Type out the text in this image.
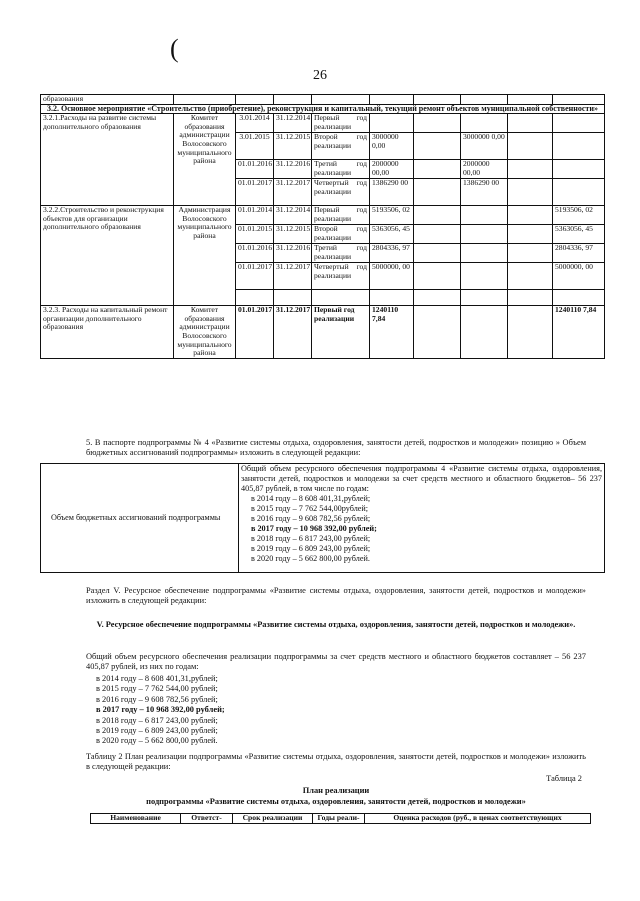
(
26
образования									
3.2. Основное мероприятие «Строительство (приобретение), реконструкция и капитальный, текущий ремонт объектов муниципальной собственности»									
3.2.1.Расходы на развитие системы дополнительного образования	Комитет образования администрации Волосовского муниципального района	3.01.2014	31.12.2014	Первый год реализации					
		3.01.2015	31.12.2015	Второй год реализации	3000000 0,00		3000000 0,00		
		01.01.2016	31.12.2016	Третий год реализации	2000000 00,00		2000000 00,00		
		01.01.2017	31.12.2017	Четвертый год реализации	1386290 00		1386290 00		
3.2.2.Строительство и реконструкция объектов для организации дополнительного образования	Администрация Волосовского муниципального района	01.01.2014	31.12.2014	Первый год реализации	5193506, 02				5193506, 02
		01.01.2015	31.12.2015	Второй год реализации	5363056, 45				5363056, 45
		01.01.2016	31.12.2016	Третий год реализации	2804336, 97				2804336, 97
		01.01.2017	31.12.2017	Четвертый год реализации	5000000, 00				5000000, 00

3.2.3. Расходы на капитальный ремонт организации дополнительного образования	Комитет образования администрации Волосовского муниципального района	01.01.2017	31.12.2017	Первый год реализации	1240110 7,84				1240110 7,84
5. В паспорте подпрограммы № 4 «Развитие системы отдыха, оздоровления, занятости детей, подростков и молодежи» позицию » Объем бюджетных ассигнований подпрограммы» изложить в следующей редакции:
Объем бюджетных ассигнований подпрограммы	
Общий объем ресурсного обеспечения подпрограммы 4 «Развитие системы отдыха, оздоровления, занятости детей, подростков и молодежи за счет средств местного и областного бюджетов– 56 237 405,87 рублей, в том числе по годам:
в 2014 году – 8 608 401,31,рублей;
в 2015 году – 7 762 544,00рублей;
в 2016 году – 9 608 782,56 рублей;
в 2017 году – 10 968 392,00 рублей;
в 2018 году – 6 817 243,00 рублей;
в 2019 году – 6 809 243,00 рублей;
в 2020 году – 5 662 800,00 рублей.
Раздел V. Ресурсное обеспечение подпрограммы «Развитие системы отдыха, оздоровления, занятости детей, подростков и молодежи» изложить в следующей редакции:
V. Ресурсное обеспечение подпрограммы «Развитие системы отдыха, оздоровления, занятости детей, подростков и молодежи».
Общий объем ресурсного обеспечения реализации подпрограммы за счет средств местного и областного бюджетов составляет – 56 237 405,87 рублей, из них по годам:
в 2014 году – 8 608 401,31,рублей;
в 2015 году – 7 762 544,00 рублей;
в 2016 году – 9 608 782,56 рублей;
в 2017 году – 10 968 392,00 рублей;
в 2018 году – 6 817 243,00 рублей;
в 2019 году – 6 809 243,00 рублей;
в 2020 году – 5 662 800,00 рублей.
Таблицу 2 План реализации подпрограммы «Развитие системы отдыха, оздоровления, занятости детей, подростков и молодежи» изложить в следующей редакции:
Таблица 2
План реализации
подпрограммы «Развитие системы отдыха, оздоровления, занятости детей, подростков и молодежи»
Наименование	Ответст-	Срок реализации	Годы реали-	Оценка расходов (руб., в ценах соответствующих
